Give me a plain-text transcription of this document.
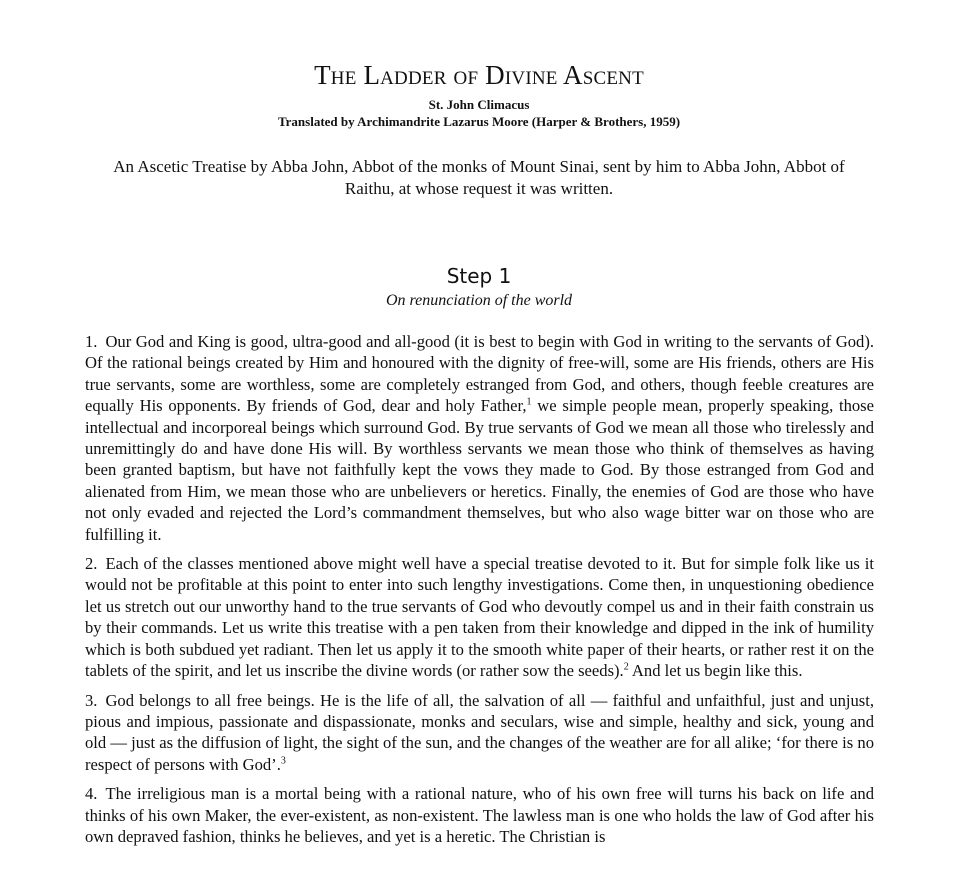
The Ladder of Divine Ascent
St. John Climacus
Translated by Archimandrite Lazarus Moore (Harper & Brothers, 1959)
An Ascetic Treatise by Abba John, Abbot of the monks of Mount Sinai, sent by him to Abba John, Abbot of Raithu, at whose request it was written.
Step 1
On renunciation of the world

1. Our God and King is good, ultra-good and all-good (it is best to begin with God in writing to the servants of God). Of the rational beings created by Him and honoured with the dignity of free-will, some are His friends, others are His true servants, some are worthless, some are completely estranged from God, and others, though feeble creatures are equally His opponents. By friends of God, dear and holy Father,$^1$ we simple people mean, properly speaking, those intellectual and incorporeal beings which surround God. By true servants of God we mean all those who tirelessly and unremittingly do and have done His will. By worthless servants we mean those who think of themselves as having been granted baptism, but have not faithfully kept the vows they made to God. By those estranged from God and alienated from Him, we mean those who are unbelievers or heretics. Finally, the enemies of God are those who have not only evaded and rejected the Lord’s commandment themselves, but who also wage bitter war on those who are fulfilling it.

2. Each of the classes mentioned above might well have a special treatise devoted to it. But for simple folk like us it would not be profitable at this point to enter into such lengthy investigations. Come then, in unquestioning obedience let us stretch out our unworthy hand to the true servants of God who devoutly compel us and in their faith constrain us by their commands. Let us write this treatise with a pen taken from their knowledge and dipped in the ink of humility which is both subdued yet radiant. Then let us apply it to the smooth white paper of their hearts, or rather rest it on the tablets of the spirit, and let us inscribe the divine words (or rather sow the seeds).$^2$ And let us begin like this.

3. God belongs to all free beings. He is the life of all, the salvation of all — faithful and unfaithful, just and unjust, pious and impious, passionate and dispassionate, monks and seculars, wise and simple, healthy and sick, young and old — just as the diffusion of light, the sight of the sun, and the changes of the weather are for all alike; ‘for there is no respect of persons with God’.$^3$

4. The irreligious man is a mortal being with a rational nature, who of his own free will turns his back on life and thinks of his own Maker, the ever-existent, as non-existent. The lawless man is one who holds the law of God after his own depraved fashion, thinks he believes, and yet is a heretic. The Christian is
